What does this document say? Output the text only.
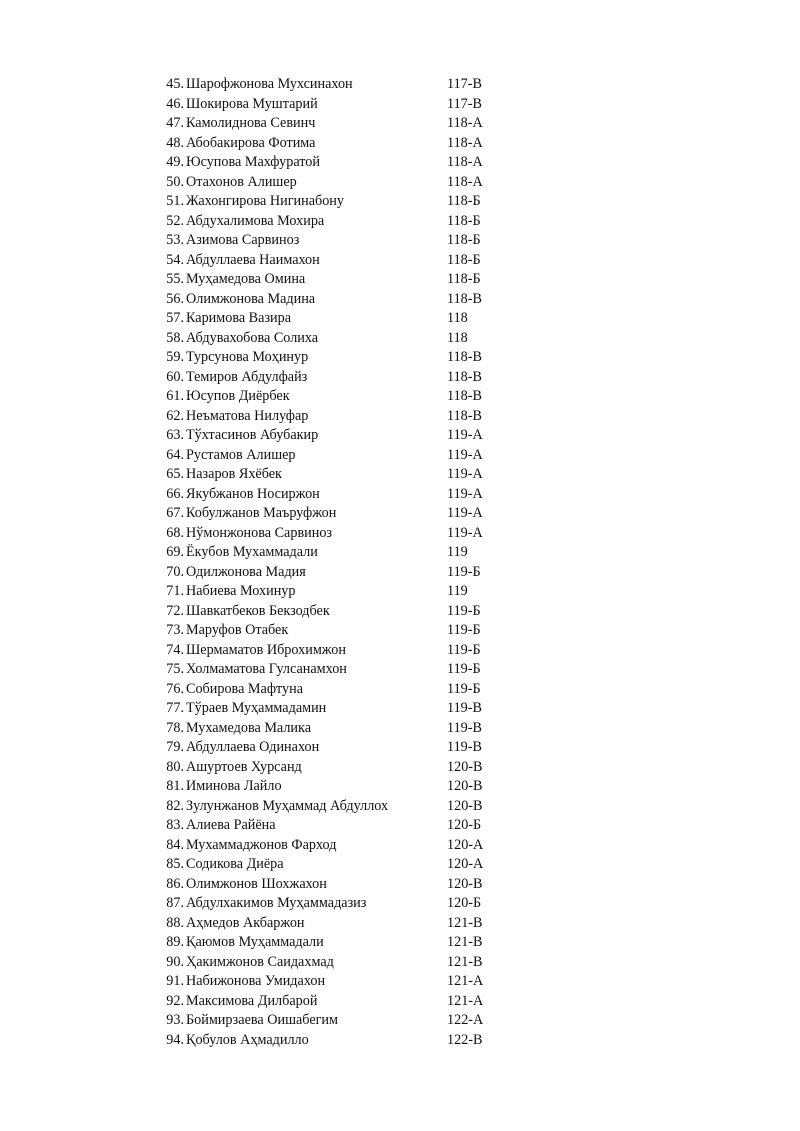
45. Шарофжонова Мухсинахон	117-В
46. Шокирова Муштарий	117-В
47. Камолиднова Севинч	118-А
48. Абобакирова Фотима	118-А
49. Юсупова Махфуратой	118-А
50. Отахонов Алишер	118-А
51. Жахонгирова Нигинабону	118-Б
52. Абдухалимова Мохира	118-Б
53. Азимова Сарвиноз	118-Б
54. Абдуллаева Наимахон	118-Б
55. Муҳамедова Омина	118-Б
56. Олимжонова Мадина	118-В
57. Каримова Вазира	118
58. Абдувахобова Солиха	118
59. Турсунова Моҳинур	118-В
60. Темиров Абдулфайз	118-В
61. Юсупов Диёрбек	118-В
62. Неъматова Нилуфар	118-В
63. Тўхтасинов Абубакир	119-А
64. Рустамов Алишер	119-А
65. Назаров Яхёбек	119-А
66. Якубжанов Носиржон	119-А
67. Кобулжанов Маъруфжон	119-А
68. Нўмонжонова Сарвиноз	119-А
69. Ёкубов Мухаммадали	119
70. Одилжонова Мадия	119-Б
71. Набиева Мохинур	119
72. Шавкатбеков Бекзодбек	119-Б
73. Маруфов Отабек	119-Б
74. Шермаматов Иброхимжон	119-Б
75. Холмаматова Гулсанамхон	119-Б
76. Собирова Мафтуна	119-Б
77. Тўраев Муҳаммадамин	119-В
78. Мухамедова Малика	119-В
79. Абдуллаева Одинахон	119-В
80. Ашуртоев Хурсанд	120-В
81. Иминова Лайло	120-В
82. Зулунжанов Муҳаммад Абдуллох	120-В
83. Алиева Райёна	120-Б
84. Мухаммаджонов Фарход	120-А
85. Содикова Диёра	120-А
86. Олимжонов Шохжахон	120-В
87. Абдулхакимов Муҳаммадазиз	120-Б
88. Аҳмедов Акбаржон	121-В
89. Қаюмов Муҳаммадали	121-В
90. Ҳакимжонов Саидахмад	121-В
91. Набижонова Умидахон	121-А
92. Максимова Дилбарой	121-А
93. Боймирзаева Оишабегим	122-А
94. Қобулов Аҳмадилло	122-В
